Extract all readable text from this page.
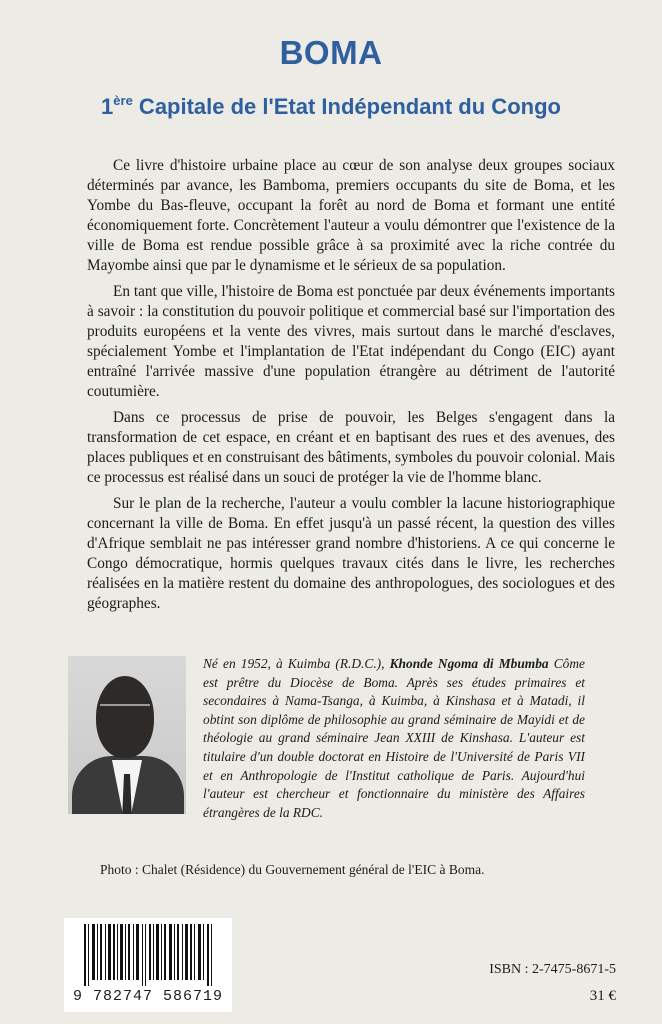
BOMA
1ère Capitale de l'Etat Indépendant du Congo

Ce livre d'histoire urbaine place au cœur de son analyse deux groupes sociaux déterminés par avance, les Bamboma, premiers occupants du site de Boma, et les Yombe du Bas-fleuve, occupant la forêt au nord de Boma et formant une entité économiquement forte. Concrètement l'auteur a voulu démontrer que l'existence de la ville de Boma est rendue possible grâce à sa proximité avec la riche contrée du Mayombe ainsi que par le dynamisme et le sérieux de sa population.

En tant que ville, l'histoire de Boma est ponctuée par deux événements importants à savoir : la constitution du pouvoir politique et commercial basé sur l'importation des produits européens et la vente des vivres, mais surtout dans le marché d'esclaves, spécialement Yombe et l'implantation de l'Etat indépendant du Congo (EIC) ayant entraîné l'arrivée massive d'une population étrangère au détriment de l'autorité coutumière.

Dans ce processus de prise de pouvoir, les Belges s'engagent dans la transformation de cet espace, en créant et en baptisant des rues et des avenues, des places publiques et en construisant des bâtiments, symboles du pouvoir colonial. Mais ce processus est réalisé dans un souci de protéger la vie de l'homme blanc.

Sur le plan de la recherche, l'auteur a voulu combler la lacune historiographique concernant la ville de Boma. En effet jusqu'à un passé récent, la question des villes d'Afrique semblait ne pas intéresser grand nombre d'historiens. A ce qui concerne le Congo démocratique, hormis quelques travaux cités dans le livre, les recherches réalisées en la matière restent du domaine des anthropologues, des sociologues et des géographes.

Né en 1952, à Kuimba (R.D.C.), Khonde Ngoma di Mbumba Côme est prêtre du Diocèse de Boma. Après ses études primaires et secondaires à Nama-Tsanga, à Kuimba, à Kinshasa et à Matadi, il obtint son diplôme de philosophie au grand séminaire de Mayidi et de théologie au grand séminaire Jean XXIII de Kinshasa. L'auteur est titulaire d'un double doctorat en Histoire de l'Université de Paris VII et en Anthropologie de l'Institut catholique de Paris. Aujourd'hui l'auteur est chercheur et fonctionnaire du ministère des Affaires étrangères de la RDC.
Photo : Chalet (Résidence) du Gouvernement général de l'EIC à Boma.
9 782747 586719
ISBN : 2-7475-8671-5
31 €
